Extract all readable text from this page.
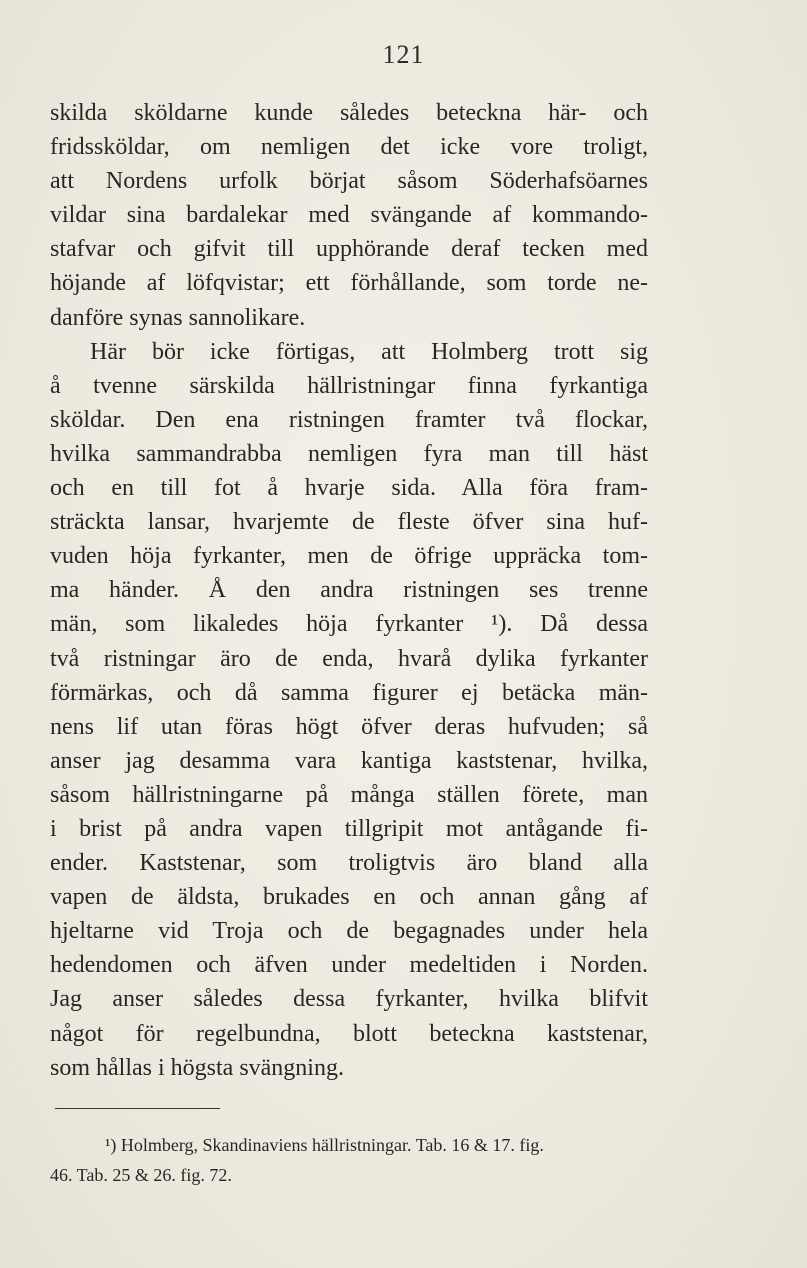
121
skilda sköldarne kunde således beteckna här- och
fridssköldar, om nemligen det icke vore troligt,
att Nordens urfolk börjat såsom Söderhafsöarnes
vildar sina bardalekar med svängande af kommando-
stafvar och gifvit till upphörande deraf tecken med
höjande af löfqvistar; ett förhållande, som torde ne-
danföre synas sannolikare.
Här bör icke förtigas, att Holmberg trott sig
å tvenne särskilda hällristningar finna fyrkantiga
sköldar. Den ena ristningen framter två flockar,
hvilka sammandrabba nemligen fyra man till häst
och en till fot å hvarje sida. Alla föra fram-
sträckta lansar, hvarjemte de fleste öfver sina huf-
vuden höja fyrkanter, men de öfrige uppräcka tom-
ma händer. Å den andra ristningen ses trenne
män, som likaledes höja fyrkanter ¹). Då dessa
två ristningar äro de enda, hvarå dylika fyrkanter
förmärkas, och då samma figurer ej betäcka män-
nens lif utan föras högt öfver deras hufvuden; så
anser jag desamma vara kantiga kaststenar, hvilka,
såsom hällristningarne på många ställen förete, man
i brist på andra vapen tillgripit mot antågande fi-
ender. Kaststenar, som troligtvis äro bland alla
vapen de äldsta, brukades en och annan gång af
hjeltarne vid Troja och de begagnades under hela
hedendomen och äfven under medeltiden i Norden.
Jag anser således dessa fyrkanter, hvilka blifvit
något för regelbundna, blott beteckna kaststenar,
som hållas i högsta svängning.
¹) Holmberg, Skandinaviens hällristningar. Tab. 16 & 17. fig.
46. Tab. 25 & 26. fig. 72.
